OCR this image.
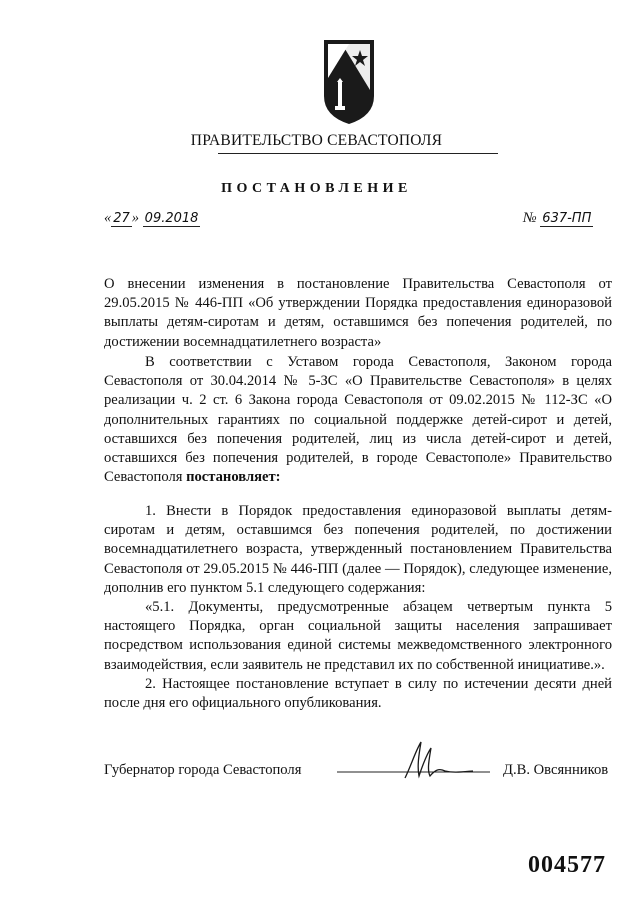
ПРАВИТЕЛЬСТВО СЕВАСТОПОЛЯ
ПОСТАНОВЛЕНИЕ
« 27 » 09.2018	№ 637-ПП

О внесении изменения в постановление Правительства Севастополя от 29.05.2015 № 446-ПП «Об утверждении Порядка предоставления единоразовой выплаты детям-сиротам и детям, оставшимся без попечения родителей, по достижении восемнадцатилетнего возраста»

В соответствии с Уставом города Севастополя, Законом города Севастополя от 30.04.2014 № 5-ЗС «О Правительстве Севастополя» в целях реализации ч. 2 ст. 6 Закона города Севастополя от 09.02.2015 № 112-ЗС «О дополнительных гарантиях по социальной поддержке детей-сирот и детей, оставшихся без попечения родителей, лиц из числа детей-сирот и детей, оставшихся без попечения родителей, в городе Севастополе» Правительство Севастополя постановляет:

1. Внести в Порядок предоставления единоразовой выплаты детям-сиротам и детям, оставшимся без попечения родителей, по достижении восемнадцатилетнего возраста, утвержденный постановлением Правительства Севастополя от 29.05.2015 № 446-ПП (далее — Порядок), следующее изменение, дополнив его пунктом 5.1 следующего содержания:

«5.1. Документы, предусмотренные абзацем четвертым пункта 5 настоящего Порядка, орган социальной защиты населения запрашивает посредством использования единой системы межведомственного электронного взаимодействия, если заявитель не представил их по собственной инициативе.».

2. Настоящее постановление вступает в силу по истечении десяти дней после дня его официального опубликования.

Губернатор города Севастополя	Д.В. Овсянников
004577
